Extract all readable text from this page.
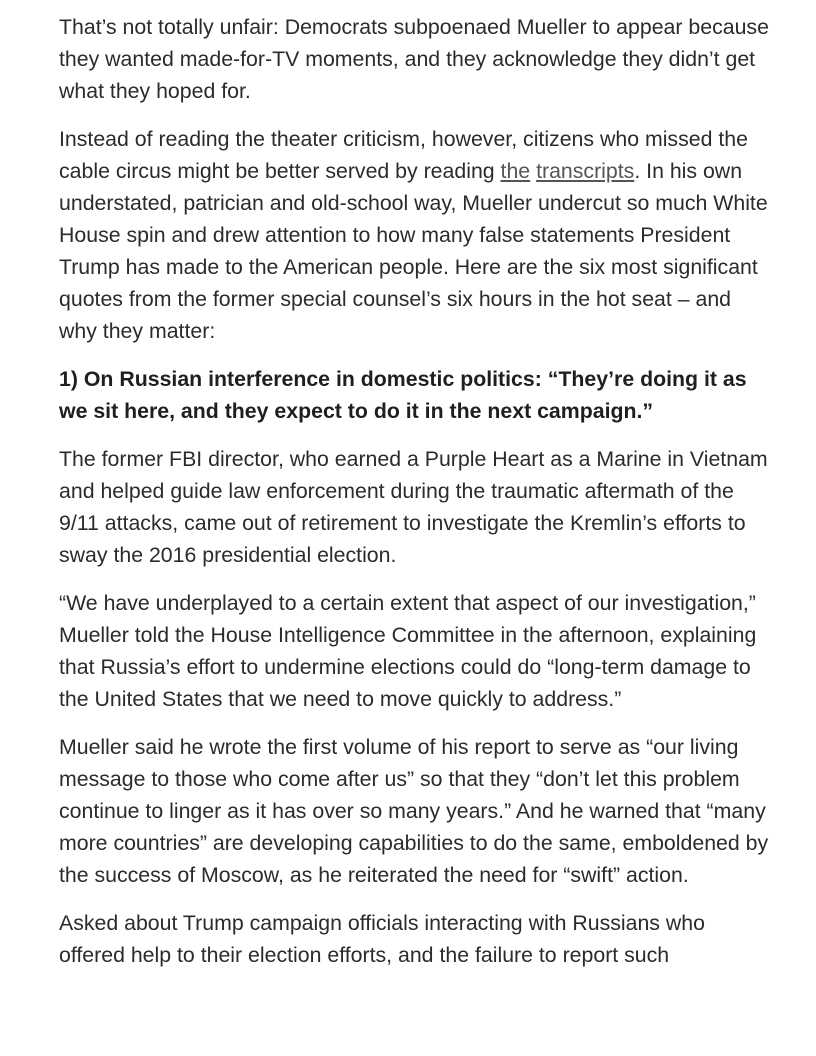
That’s not totally unfair: Democrats subpoenaed Mueller to appear because they wanted made-for-TV moments, and they acknowledge they didn’t get what they hoped for.

Instead of reading the theater criticism, however, citizens who missed the cable circus might be better served by reading the transcripts. In his own understated, patrician and old-school way, Mueller undercut so much White House spin and drew attention to how many false statements President Trump has made to the American people. Here are the six most significant quotes from the former special counsel’s six hours in the hot seat – and why they matter:

1) On Russian interference in domestic politics: “They’re doing it as we sit here, and they expect to do it in the next campaign.”

The former FBI director, who earned a Purple Heart as a Marine in Vietnam and helped guide law enforcement during the traumatic aftermath of the 9/11 attacks, came out of retirement to investigate the Kremlin’s efforts to sway the 2016 presidential election.

“We have underplayed to a certain extent that aspect of our investigation,” Mueller told the House Intelligence Committee in the afternoon, explaining that Russia’s effort to undermine elections could do “long-term damage to the United States that we need to move quickly to address.”

Mueller said he wrote the first volume of his report to serve as “our living message to those who come after us” so that they “don’t let this problem continue to linger as it has over so many years.” And he warned that “many more countries” are developing capabilities to do the same, emboldened by the success of Moscow, as he reiterated the need for “swift” action.

Asked about Trump campaign officials interacting with Russians who offered help to their election efforts, and the failure to report such
